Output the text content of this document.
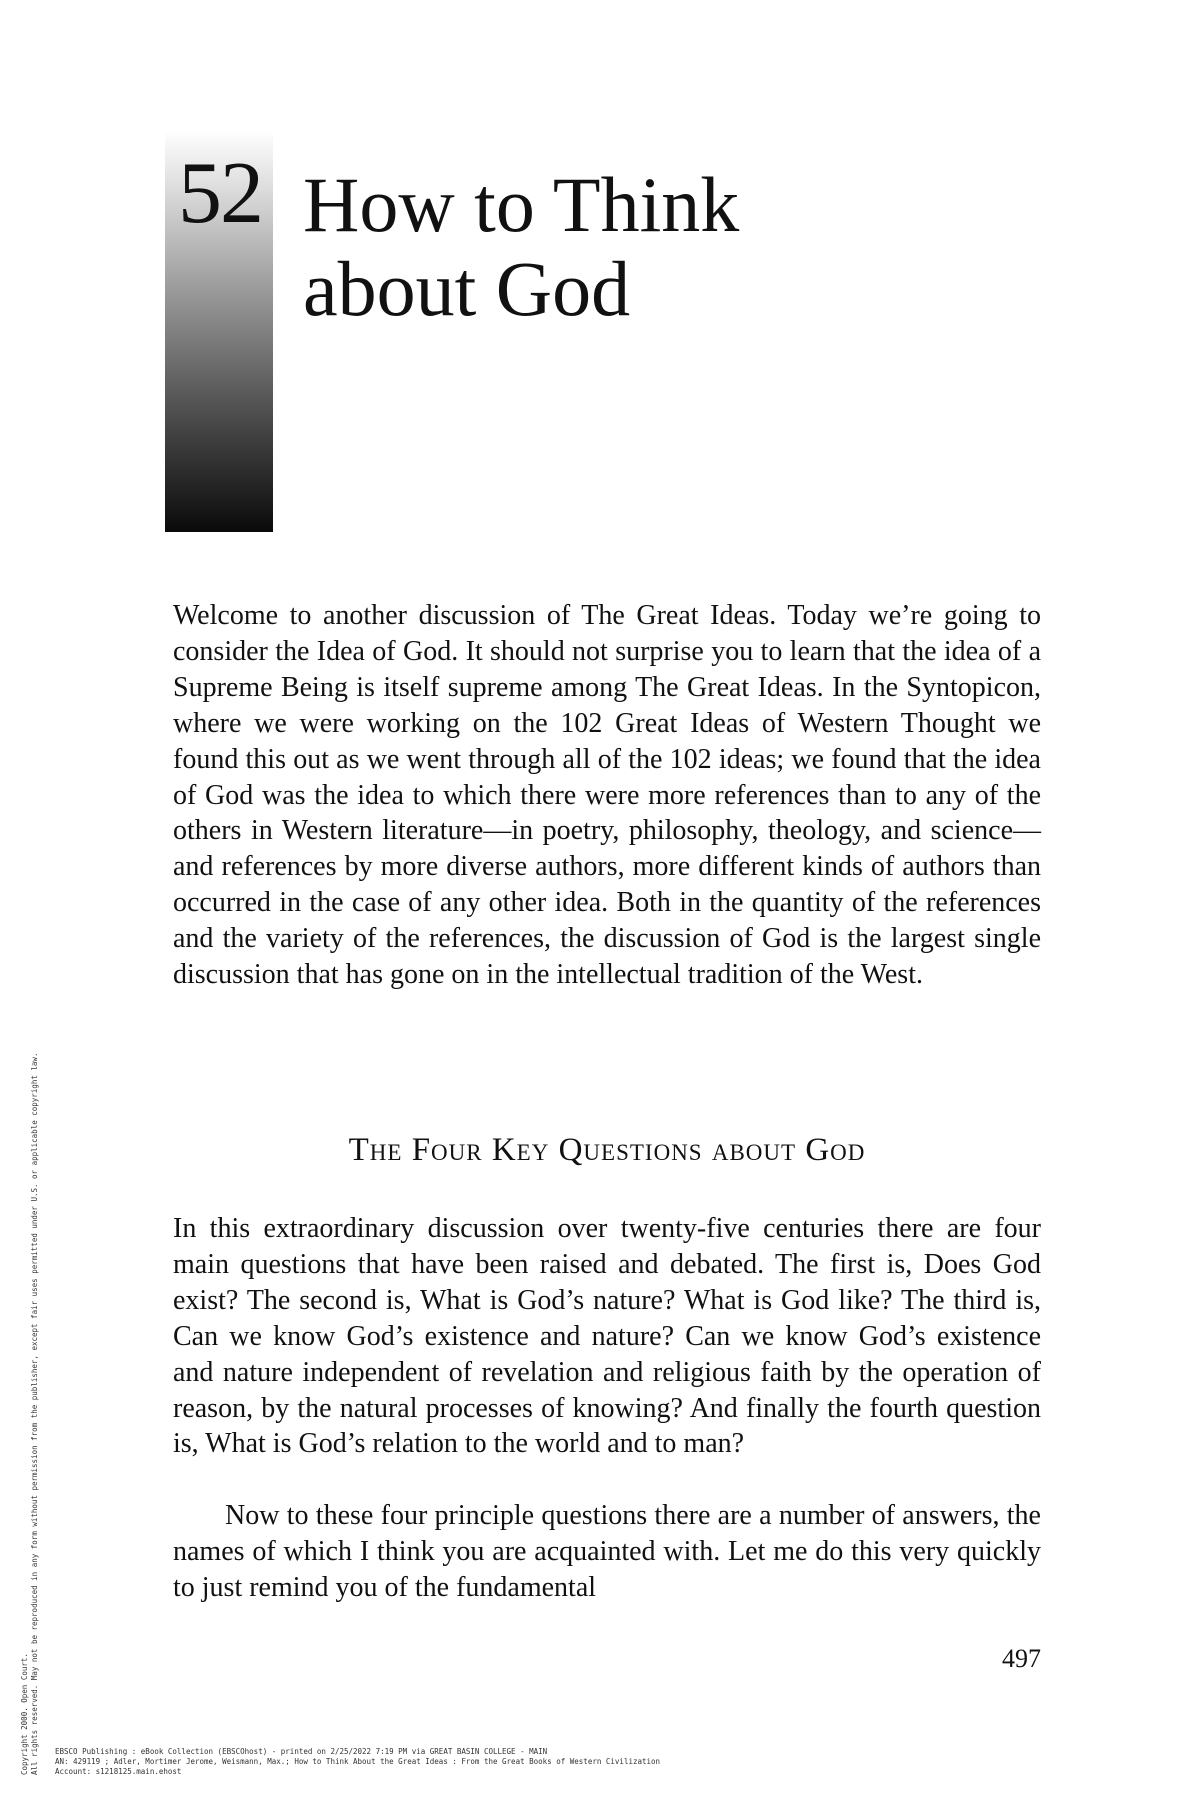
52 How to Think
about God

Welcome to another discussion of The Great Ideas. Today we’re going to consider the Idea of God. It should not surprise you to learn that the idea of a Supreme Being is itself supreme among The Great Ideas. In the Syntopicon, where we were working on the 102 Great Ideas of Western Thought we found this out as we went through all of the 102 ideas; we found that the idea of God was the idea to which there were more references than to any of the others in Western literature—in poetry, philosophy, theology, and science—and references by more diverse authors, more different kinds of authors than occurred in the case of any other idea. Both in the quantity of the references and the variety of the references, the discussion of God is the largest single discussion that has gone on in the intellectual tradition of the West.

The Four Key Questions about God

In this extraordinary discussion over twenty-five centuries there are four main questions that have been raised and debated. The first is, Does God exist? The second is, What is God’s nature? What is God like? The third is, Can we know God’s existence and nature? Can we know God’s existence and nature independent of revelation and religious faith by the operation of reason, by the natural processes of knowing? And finally the fourth question is, What is God’s relation to the world and to man?

Now to these four principle questions there are a number of answers, the names of which I think you are acquainted with. Let me do this very quickly to just remind you of the fundamental

497
Copyright 2000. Open Court. All rights reserved. May not be reproduced in any form without permission from the publisher, except fair uses permitted under U.S. or applicable copyright law. EBSCO Publishing : eBook Collection (EBSCOhost) - printed on 2/25/2022 7:19 PM via GREAT BASIN COLLEGE - MAIN
AN: 429119 ; Adler, Mortimer Jerome, Weismann, Max.; How to Think About the Great Ideas : From the Great Books of Western Civilization
Account: s1218125.main.ehost
